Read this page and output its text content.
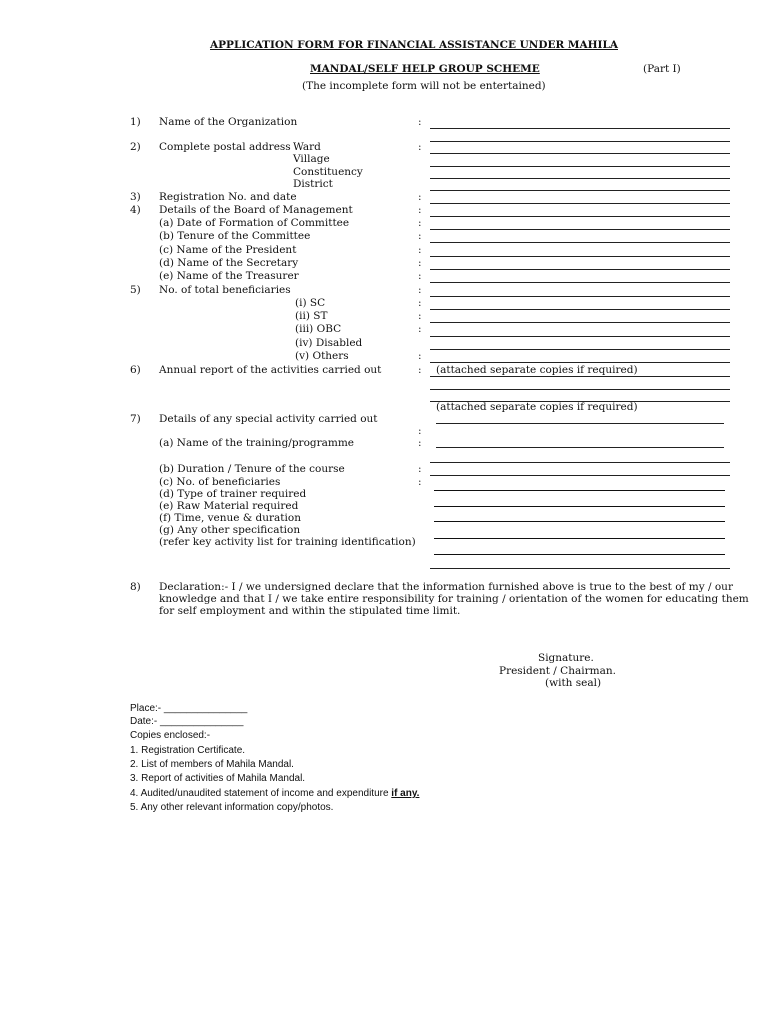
APPLICATION FORM FOR FINANCIAL ASSISTANCE UNDER MAHILA
MANDAL/SELF HELP GROUP SCHEME	(Part I)
(The incomplete form will not be entertained)
1) Name of the Organization	:
2) Complete postal address Ward
Village
Constituency
District
:
3) Registration No. and date	:
4) Details of the Board of Management	:
(a) Date of Formation of Committee	:
(b) Tenure of the Committee	:
(c) Name of the President	:
(d) Name of the Secretary	:
(e) Name of the Treasurer	:
5) No. of total beneficiaries	:
(i) SC	:
(ii) ST	:
(iii) OBC	:
(iv) Disabled
(v) Others	:
6) Annual report of the activities carried out	: (attached separate copies if required)
(attached separate copies if required)
7) Details of any special activity carried out
:
(a) Name of the training/programme	:
(b) Duration / Tenure of the course	:
(c) No. of beneficiaries	:
(d) Type of trainer required
(e) Raw Material required
(f) Time, venue & duration
(g) Any other specification
(refer key activity list for training identification)
8) Declaration:- I / we undersigned declare that the information furnished above is true to the best of my / our
knowledge and that I / we take entire responsibility for training / orientation of the women for educating them
for self employment and within the stipulated time limit.
Signature.
President / Chairman.
(with seal)
Place:- _______________
Date:- _______________
Copies enclosed:-
1. Registration Certificate.
2. List of members of Mahila Mandal.
3. Report of activities of Mahila Mandal.
4. Audited/unaudited statement of income and expenditure if any.
5. Any other relevant information copy/photos.
